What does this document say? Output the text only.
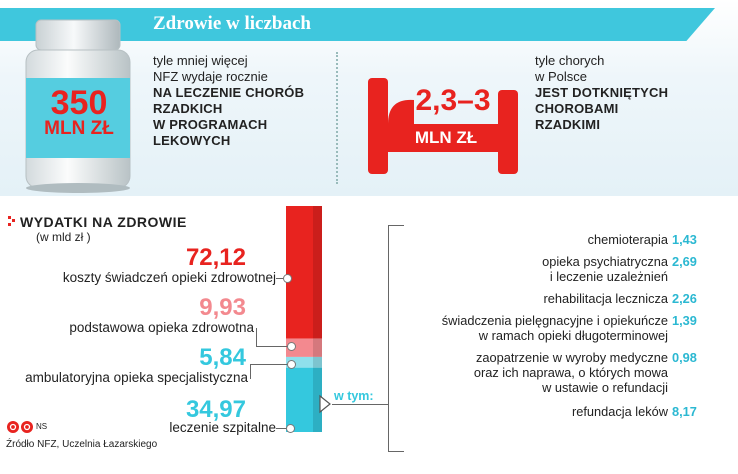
Zdrowie w liczbach
350
MLN ZŁ
tyle mniej więcej
NFZ wydaje rocznie
NA LECZENIE CHORÓB
RZADKICH
W PROGRAMACH
LEKOWYCH
2,3–3
MLN ZŁ
tyle chorych
w Polsce
JEST DOTKNIĘTYCH
CHOROBAMI
RZADKIMI
WYDATKI NA ZDROWIE
(w mld zł )
72,12
koszty świadczeń opieki zdrowotnej
9,93
podstawowa opieka zdrowotna
5,84
ambulatoryjna opieka specjalistyczna
34,97
leczenie szpitalne
w tym:
chemioterapia 1,43
opieka psychiatryczna
i leczenie uzależnień
2,69
rehabilitacja lecznicza 2,26
świadczenia pielęgnacyjne i opiekuńcze
w ramach opieki długoterminowej
1,39
zaopatrzenie w wyroby medyczne
oraz ich naprawa, o których mowa
w ustawie o refundacji
0,98
refundacja leków 8,17
NS
Źródło NFZ, Uczelnia Łazarskiego
